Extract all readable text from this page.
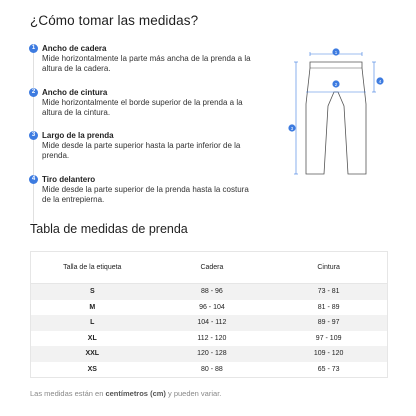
¿Cómo tomar las medidas?
1 Ancho de cadera
Mide horizontalmente la parte más ancha de la prenda a la altura de la cadera.
2 Ancho de cintura
Mide horizontalmente el borde superior de la prenda a la altura de la cintura.
3 Largo de la prenda
Mide desde la parte superior hasta la parte inferior de la prenda.
4 Tiro delantero
Mide desde la parte superior de la prenda hasta la costura de la entrepierna.
1
2
3
4
Tabla de medidas de prenda
Talla de la etiqueta	Cadera	Cintura
S	88 - 96	73 - 81
M	96 - 104	81 - 89
L	104 - 112	89 - 97
XL	112 - 120	97 - 109
XXL	120 - 128	109 - 120
XS	80 - 88	65 - 73
Las medidas están en centímetros (cm) y pueden variar.
